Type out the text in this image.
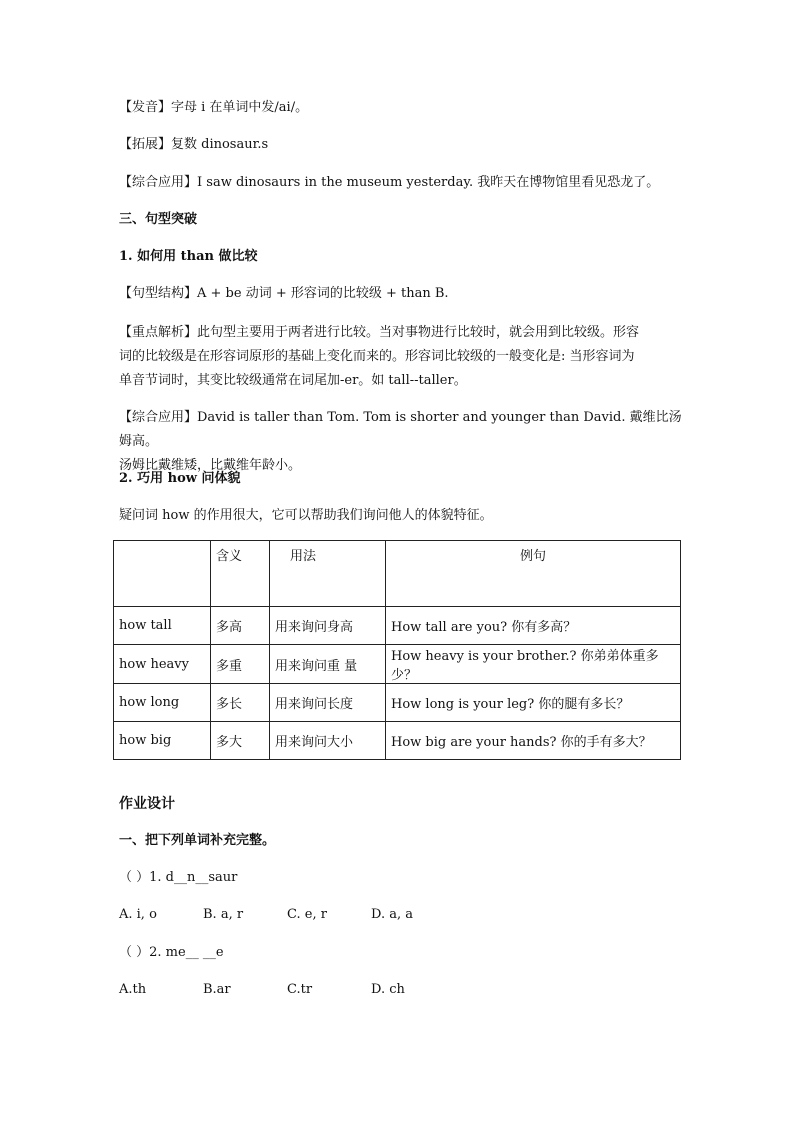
【发音】字母 i 在单词中发/ai/。
【拓展】复数 dinosaur.s
【综合应用】I saw dinosaurs in the museum yesterday. 我昨天在博物馆里看见恐龙了。
三、句型突破
1. 如何用 than 做比较
【句型结构】A + be 动词 + 形容词的比较级 + than B.
【重点解析】此句型主要用于两者进行比较。当对事物进行比较时，就会用到比较级。形容
词的比较级是在形容词原形的基础上变化而来的。形容词比较级的一般变化是: 当形容词为
单音节词时，其变比较级通常在词尾加-er。如 tall--taller。
【综合应用】David is taller than Tom. Tom is shorter and younger than David. 戴维比汤姆高。
汤姆比戴维矮，比戴维年龄小。
2. 巧用 how 问体貌
疑问词 how 的作用很大，它可以帮助我们询问他人的体貌特征。
	含义	用法	例句
how tall	多高	用来询问身高	How tall are you? 你有多高？
how heavy	多重	用来询问重 量	How heavy is your brother.? 你弟弟体重多少？
how long	多长	用来询问长度	How long is your leg? 你的腿有多长？
how big	多大	用来询问大小	How big are your hands? 你的手有多大？
作业设计
一、把下列单词补充完整。
（ ）1. d__n__saur
A. i, o	B. a, r	C. e, r	D. a, a
（ ）2. me__ __e
A.th	B.ar	C.tr	D. ch
